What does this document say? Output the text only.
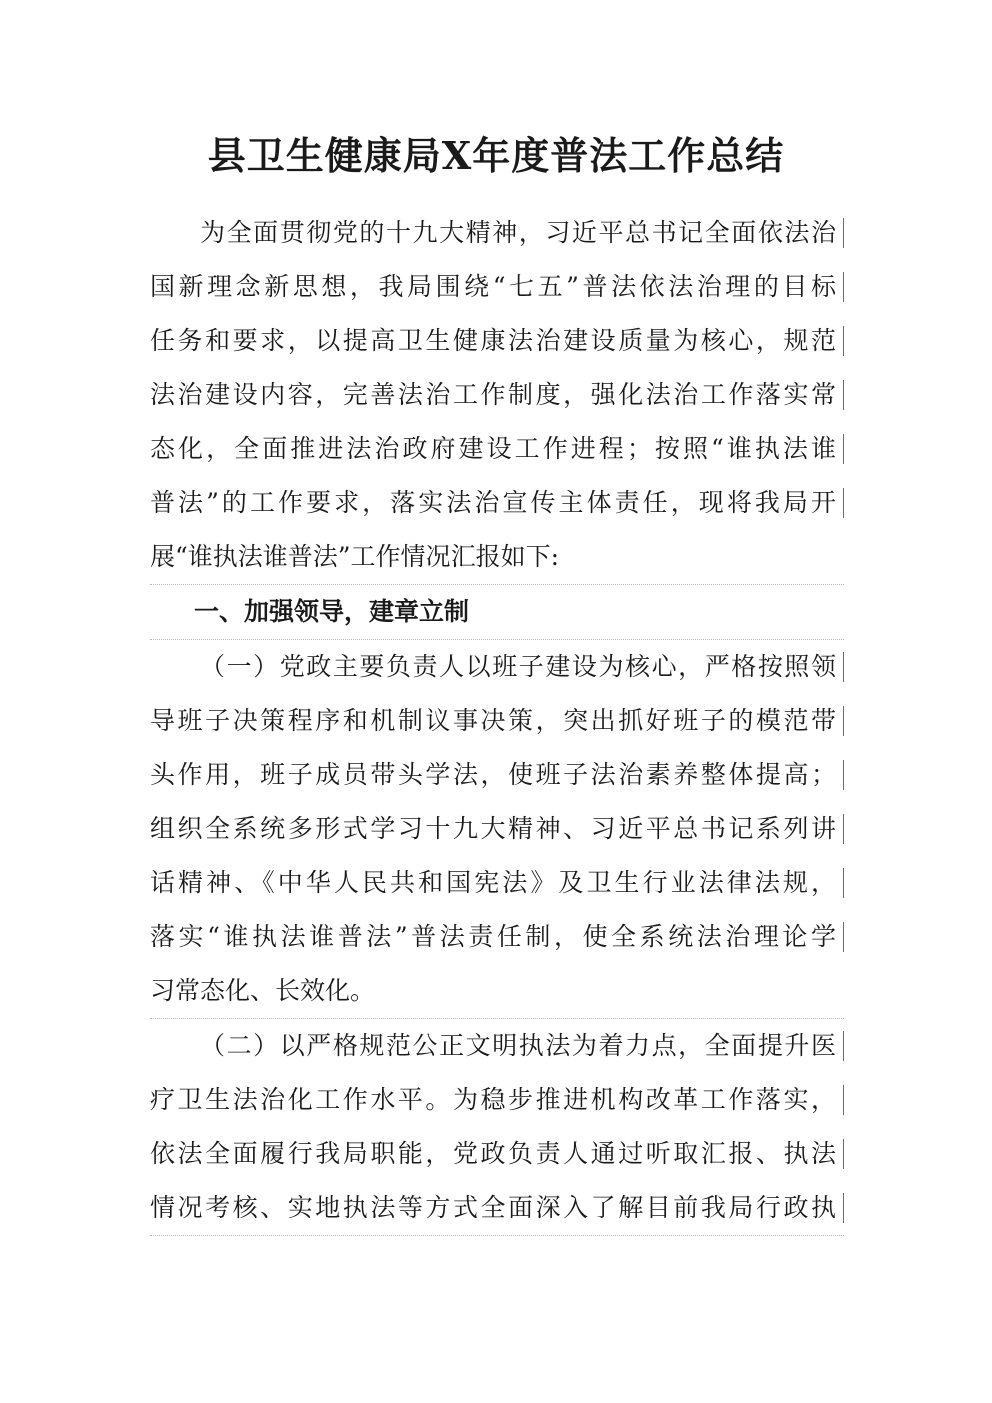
县卫生健康局X年度普法工作总结
为全面贯彻党的十九大精神，习近平总书记全面依法治
国新理念新思想，我局围绕“七五”普法依法治理的目标
任务和要求，以提高卫生健康法治建设质量为核心，规范
法治建设内容，完善法治工作制度，强化法治工作落实常
态化，全面推进法治政府建设工作进程；按照“谁执法谁
普法”的工作要求，落实法治宣传主体责任，现将我局开
展“谁执法谁普法”工作情况汇报如下:
一、加强领导，建章立制
（一）党政主要负责人以班子建设为核心，严格按照领
导班子决策程序和机制议事决策，突出抓好班子的模范带
头作用，班子成员带头学法，使班子法治素养整体提高；
组织全系统多形式学习十九大精神、习近平总书记系列讲
话精神、《中华人民共和国宪法》及卫生行业法律法规，
落实“谁执法谁普法”普法责任制，使全系统法治理论学
习常态化、长效化。
（二）以严格规范公正文明执法为着力点，全面提升医
疗卫生法治化工作水平。为稳步推进机构改革工作落实，
依法全面履行我局职能，党政负责人通过听取汇报、执法
情况考核、实地执法等方式全面深入了解目前我局行政执
